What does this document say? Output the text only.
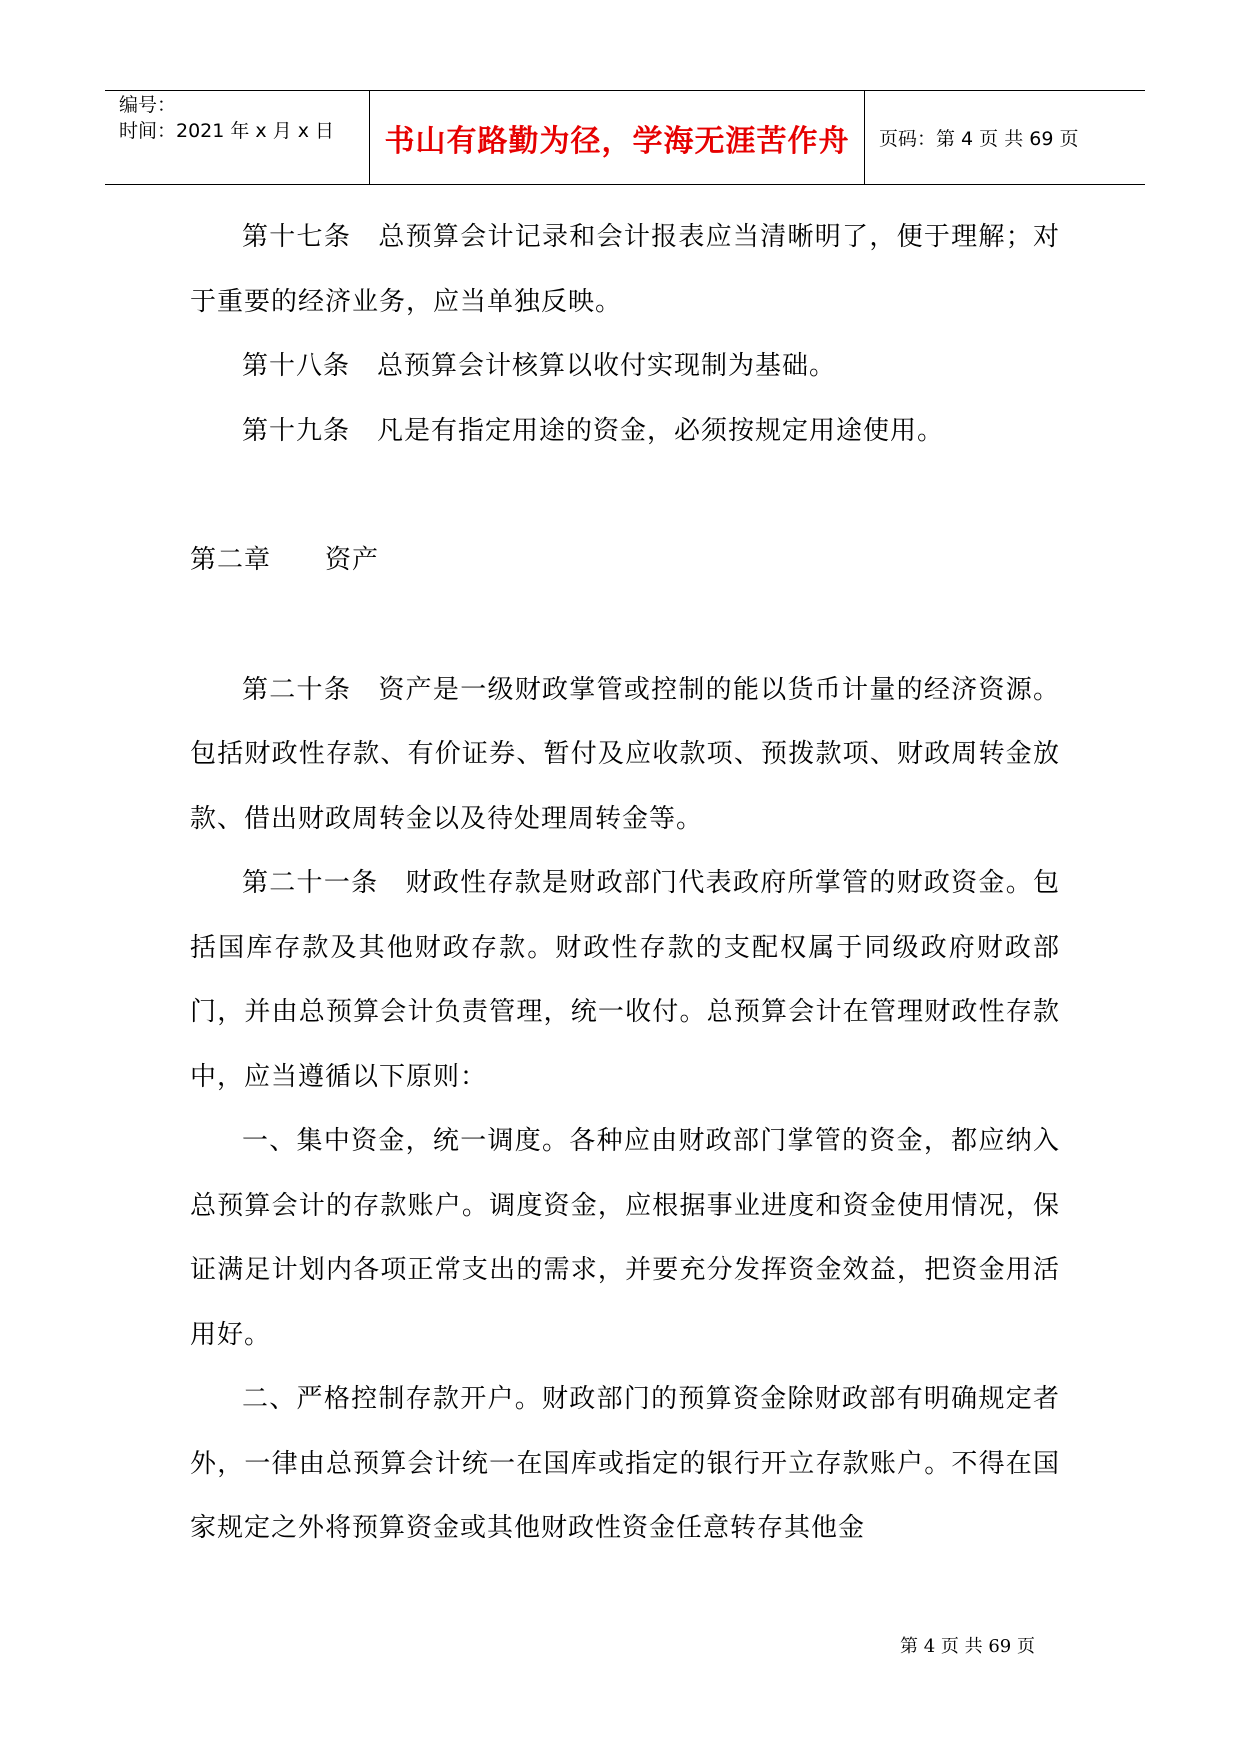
编号：
时间：2021 年 x 月 x 日 书山有路勤为径，学海无涯苦作舟 页码：第 4 页 共 69 页

第十七条　总预算会计记录和会计报表应当清晰明了，便于理解；对于重要的经济业务，应当单独反映。

第十八条　总预算会计核算以收付实现制为基础。

第十九条　凡是有指定用途的资金，必须按规定用途使用。

第二章　　资产

第二十条　资产是一级财政掌管或控制的能以货币计量的经济资源。包括财政性存款、有价证券、暂付及应收款项、预拨款项、财政周转金放款、借出财政周转金以及待处理周转金等。

第二十一条　财政性存款是财政部门代表政府所掌管的财政资金。包括国库存款及其他财政存款。财政性存款的支配权属于同级政府财政部门，并由总预算会计负责管理，统一收付。总预算会计在管理财政性存款中，应当遵循以下原则：

一、集中资金，统一调度。各种应由财政部门掌管的资金，都应纳入总预算会计的存款账户。调度资金，应根据事业进度和资金使用情况，保证满足计划内各项正常支出的需求，并要充分发挥资金效益，把资金用活用好。

二、严格控制存款开户。财政部门的预算资金除财政部有明确规定者外，一律由总预算会计统一在国库或指定的银行开立存款账户。不得在国家规定之外将预算资金或其他财政性资金任意转存其他金

第 4 页 共 69 页
